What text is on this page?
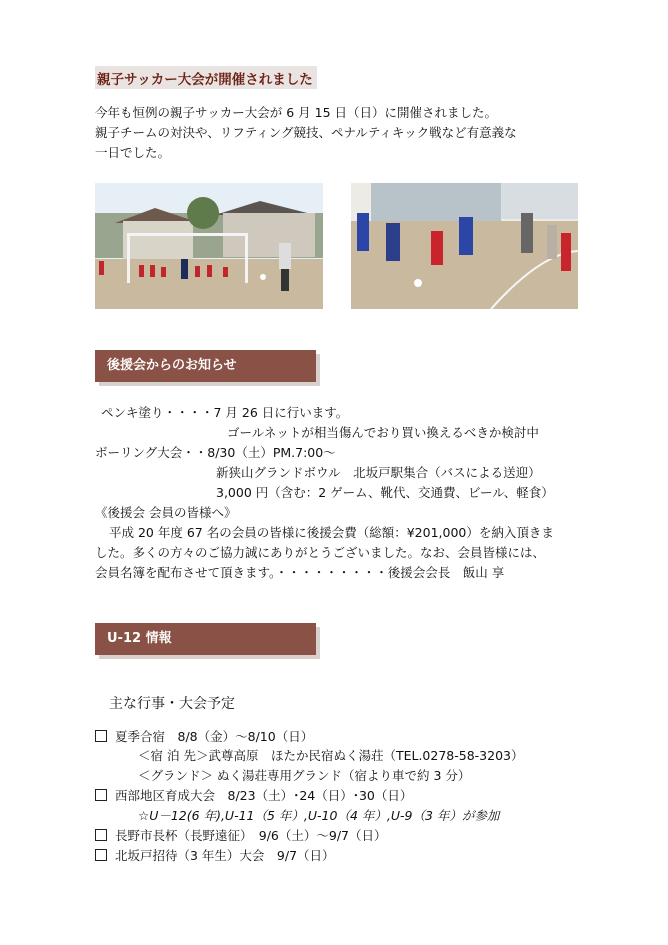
親子サッカー大会が開催されました
今年も恒例の親子サッカー大会が 6 月 15 日（日）に開催されました。
親子チームの対決や、リフティング競技、ペナルティキック戦など有意義な
一日でした。
後援会からのお知らせ
ペンキ塗り・・・・7 月 26 日に行います。
ゴールネットが相当傷んでおり買い換えるべきか検討中
ボーリング大会・・8/30（土）PM.7:00～
新狭山グランドボウル　北坂戸駅集合（バスによる送迎）
3,000 円（含む：2 ゲーム、靴代、交通費、ビール、軽食）
《後援会 会員の皆様へ》
平成 20 年度 67 名の会員の皆様に後援会費（総額：¥201,000）を納入頂きま
した。多くの方々のご協力誠にありがとうございました。なお、会員皆様には、
会員名簿を配布させて頂きます。・・・・・・・・・後援会会長　飯山 享
U-12 情報
主な行事・大会予定
夏季合宿　8/8（金）～8/10（日）
＜宿 泊 先＞武尊高原　ほたか民宿ぬく湯荘（TEL.0278-58-3203）
＜グランド＞ ぬく湯荘専用グランド（宿より車で約 3 分）
西部地区育成大会　8/23（土）･24（日）･30（日）
☆U－12(6 年),U-11（5 年）,U-10（4 年）,U-9（3 年）が参加
長野市長杯（長野遠征）　9/6（土）～9/7（日）
北坂戸招待（3 年生）大会　9/7（日）
